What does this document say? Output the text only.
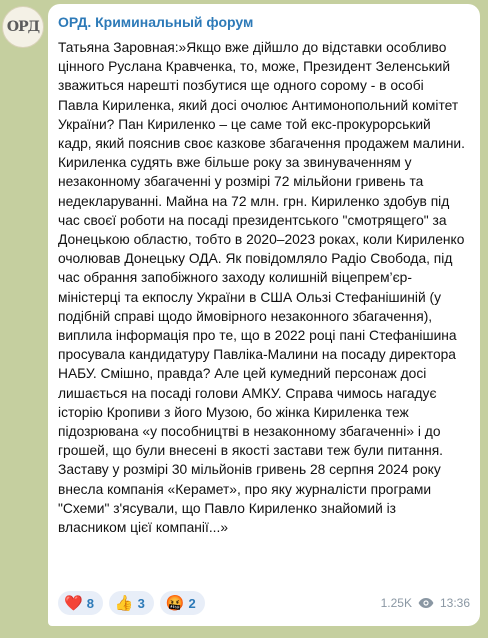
ОРД ОРД. Криминальный форум

Татьяна Заровная:»Якщо вже дійшло до відставки особливо цінного Руслана Кравченка, то, може, Президент Зеленський зважиться нарешті позбутися ще одного сорому - в особі Павла Кириленка, який досі очолює Антимонопольний комітет України? Пан Кириленко – це саме той екс-прокурорський кадр, який пояснив своє казкове збагачення продажем малини. Кириленка судять вже більше року за звинуваченням у незаконному збагаченні у розмірі 72 мільйони гривень та недекларуванні. Майна на 72 млн. грн. Кириленко здобув під час своєї роботи на посаді президентського "смотрящего" за Донецькою областю, тобто в 2020–2023 роках, коли Кириленко очолював Донецьку ОДА. Як повідомляло Радіо Свобода, під час обрання запобіжного заходу колишній віцепрем’єр-міністерці та екпослу України в США Ользі Стефанішиній (у подібній справі щодо ймовірного незаконного збагачення), виплила інформація про те, що в 2022 році пані Стефанішина просувала кандидатуру Павліка-Малини на посаду директора НАБУ. Смішно, правда? Але цей кумедний персонаж досі лишається на посаді голови АМКУ. Справа чимось нагадує історію Кропиви з його Музою, бо жінка Кириленка теж підозрювана «у пособництві в незаконному збагаченні» і до грошей, що були внесені в якості застави теж були питання. Заставу у розмірі 30 мільйонів гривень 28 серпня 2024 року внесла компанія «Керамет», про яку журналісти програми "Схеми" з'ясували, що Павло Кириленко знайомий із власником цієї компанії...»

❤️ 8 👍 3 🤬 2	1.25K 13:36
